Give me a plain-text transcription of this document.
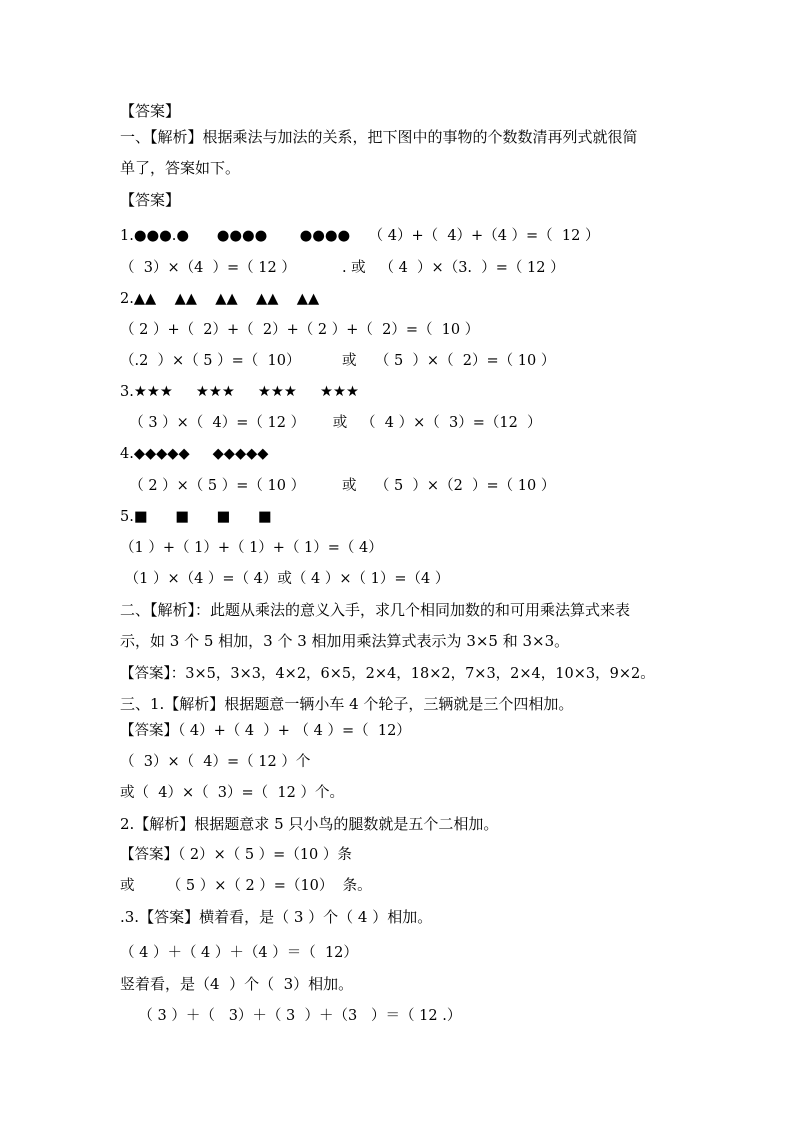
【答案】
一、【解析】根据乘法与加法的关系，把下图中的事物的个数数清再列式就很简
单了，答案如下。
【答案】
1.●●●.●      ●●●●       ●●●●    （ 4）+（  4）+（4 ）=（  12 ）
（  3）×（4  ）=（ 12 ）          . 或   （ 4  ）×（3.  ）=（ 12 ）
2.▲▲    ▲▲    ▲▲    ▲▲    ▲▲
（ 2 ）+（  2）+（  2）+（ 2 ）+（  2）=（  10 ）
（.2  ）×（ 5 ）=（  10）         或    （ 5  ）×（  2）=（ 10 ）
3.★★★     ★★★     ★★★     ★★★
（ 3 ）×（  4）=（ 12 ）      或   （  4 ）×（  3）=（12  ）
4.◆◆◆◆◆     ◆◆◆◆◆
（ 2 ）×（ 5 ）=（ 10 ）        或    （ 5  ）×（2  ）=（ 10 ）
5.■      ■      ■      ■
（1 ）+（ 1）+（ 1）+（ 1）=（ 4）
（1 ）×（4 ）=（ 4）或（ 4 ）×（ 1）=（4 ）
二、【解析】：此题从乘法的意义入手，求几个相同加数的和可用乘法算式来表
示，如 3 个 5 相加，3 个 3 相加用乘法算式表示为 3×5 和 3×3。
【答案】：3×5，3×3，4×2，6×5，2×4，18×2，7×3，2×4，10×3，9×2。
三、1.【解析】根据题意一辆小车 4 个轮子，三辆就是三个四相加。
【答案】（ 4）+（ 4  ）+ （ 4 ）=（  12）
（  3）×（  4）=（ 12 ）个
或（  4）×（  3）=（  12 ）个。
2.【解析】根据题意求 5 只小鸟的腿数就是五个二相加。
【答案】（ 2）×（ 5 ）=（10 ）条
或       （ 5 ）×（ 2 ）=（10）  条。
.3.【答案】横着看，是（ 3 ）个（ 4 ）相加。
（ 4 ）＋（ 4 ）＋（4 ）＝（  12）
竖着看，是（4  ）个（  3）相加。
（ 3 ）＋（   3）＋（ 3  ）＋（3   ）＝（ 12 .）
